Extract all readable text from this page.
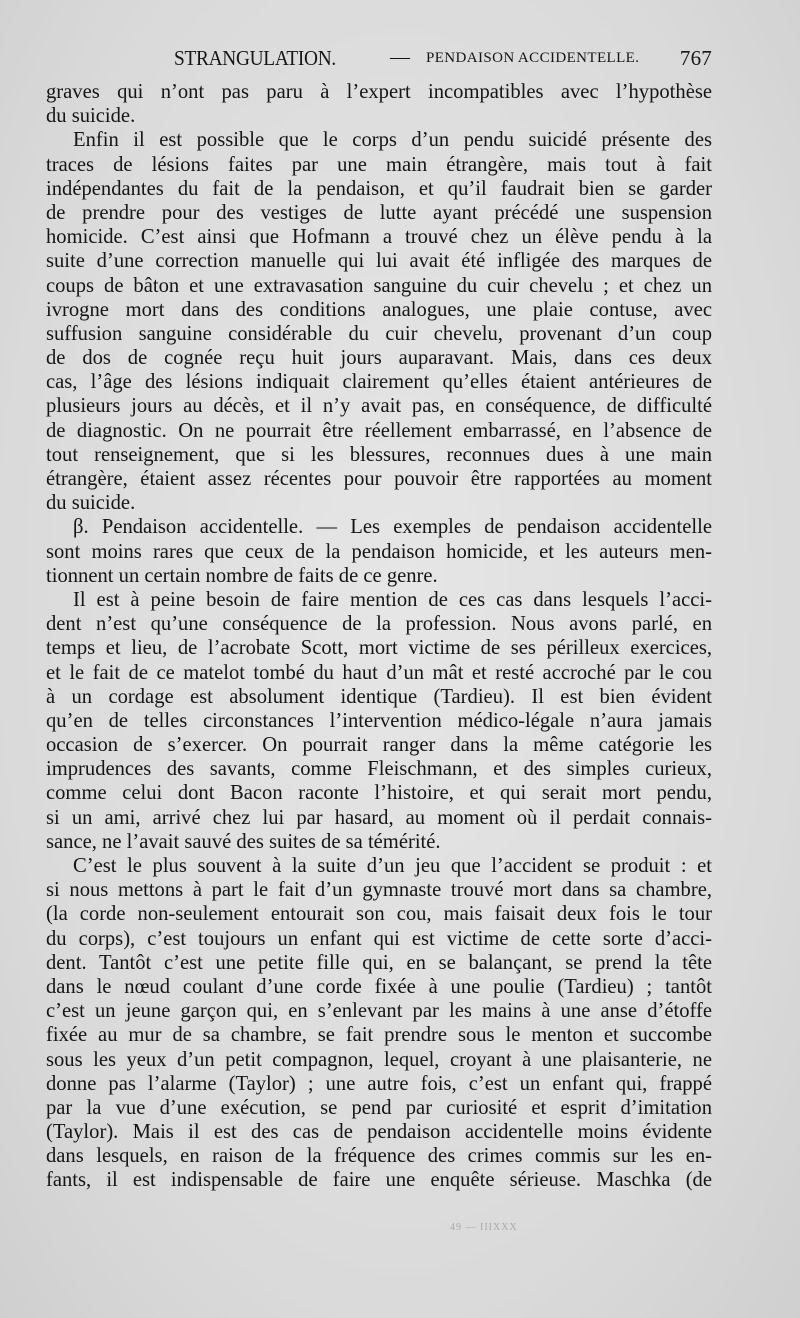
STRANGULATION.	— PENDAISON ACCIDENTELLE. 767
graves qui n’ont pas paru à l’expert incompatibles avec l’hypothèse
du suicide.
Enfin il est possible que le corps d’un pendu suicidé présente des
traces de lésions faites par une main étrangère, mais tout à fait
indépendantes du fait de la pendaison, et qu’il faudrait bien se garder
de prendre pour des vestiges de lutte ayant précédé une suspension
homicide. C’est ainsi que Hofmann a trouvé chez un élève pendu à la
suite d’une correction manuelle qui lui avait été infligée des marques de
coups de bâton et une extravasation sanguine du cuir chevelu ; et chez un
ivrogne mort dans des conditions analogues, une plaie contuse, avec
suffusion sanguine considérable du cuir chevelu, provenant d’un coup
de dos de cognée reçu huit jours auparavant. Mais, dans ces deux
cas, l’âge des lésions indiquait clairement qu’elles étaient antérieures de
plusieurs jours au décès, et il n’y avait pas, en conséquence, de difficulté
de diagnostic. On ne pourrait être réellement embarrassé, en l’absence de
tout renseignement, que si les blessures, reconnues dues à une main
étrangère, étaient assez récentes pour pouvoir être rapportées au moment
du suicide.
β. Pendaison accidentelle. — Les exemples de pendaison accidentelle
sont moins rares que ceux de la pendaison homicide, et les auteurs men-
tionnent un certain nombre de faits de ce genre.
Il est à peine besoin de faire mention de ces cas dans lesquels l’acci-
dent n’est qu’une conséquence de la profession. Nous avons parlé, en
temps et lieu, de l’acrobate Scott, mort victime de ses périlleux exercices,
et le fait de ce matelot tombé du haut d’un mât et resté accroché par le cou
à un cordage est absolument identique (Tardieu). Il est bien évident
qu’en de telles circonstances l’intervention médico-légale n’aura jamais
occasion de s’exercer. On pourrait ranger dans la même catégorie les
imprudences des savants, comme Fleischmann, et des simples curieux,
comme celui dont Bacon raconte l’histoire, et qui serait mort pendu,
si un ami, arrivé chez lui par hasard, au moment où il perdait connais-
sance, ne l’avait sauvé des suites de sa témérité.
C’est le plus souvent à la suite d’un jeu que l’accident se produit : et
si nous mettons à part le fait d’un gymnaste trouvé mort dans sa chambre,
(la corde non-seulement entourait son cou, mais faisait deux fois le tour
du corps), c’est toujours un enfant qui est victime de cette sorte d’acci-
dent. Tantôt c’est une petite fille qui, en se balançant, se prend la tête
dans le nœud coulant d’une corde fixée à une poulie (Tardieu) ; tantôt
c’est un jeune garçon qui, en s’enlevant par les mains à une anse d’étoffe
fixée au mur de sa chambre, se fait prendre sous le menton et succombe
sous les yeux d’un petit compagnon, lequel, croyant à une plaisanterie, ne
donne pas l’alarme (Taylor) ; une autre fois, c’est un enfant qui, frappé
par la vue d’une exécution, se pend par curiosité et esprit d’imitation
(Taylor). Mais il est des cas de pendaison accidentelle moins évidente
dans lesquels, en raison de la fréquence des crimes commis sur les en-
fants, il est indispensable de faire une enquête sérieuse. Maschka (de
49 — IIIXXX
